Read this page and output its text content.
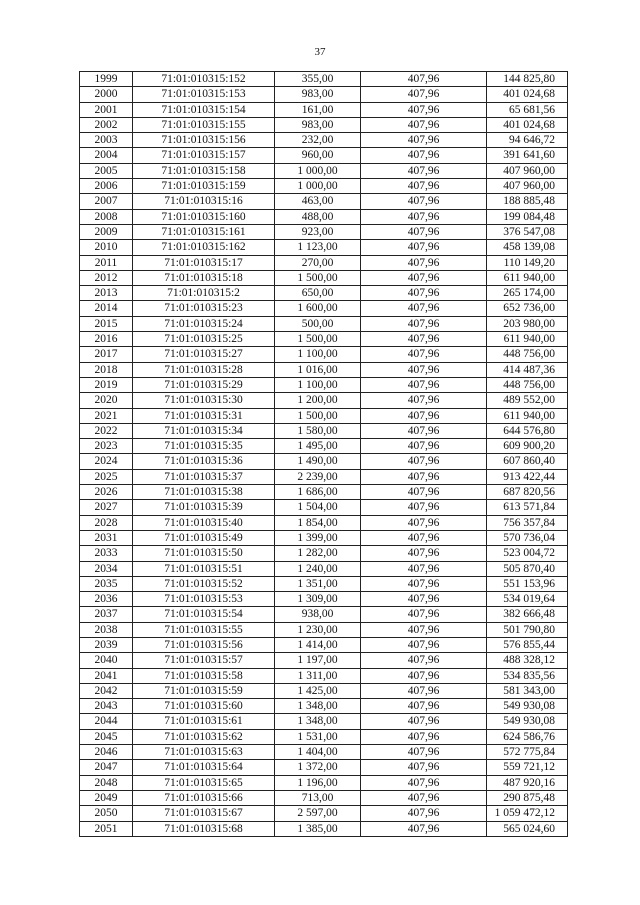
37
1999	71:01:010315:152	355,00	407,96	144 825,80
2000	71:01:010315:153	983,00	407,96	401 024,68
2001	71:01:010315:154	161,00	407,96	65 681,56
2002	71:01:010315:155	983,00	407,96	401 024,68
2003	71:01:010315:156	232,00	407,96	94 646,72
2004	71:01:010315:157	960,00	407,96	391 641,60
2005	71:01:010315:158	1 000,00	407,96	407 960,00
2006	71:01:010315:159	1 000,00	407,96	407 960,00
2007	71:01:010315:16	463,00	407,96	188 885,48
2008	71:01:010315:160	488,00	407,96	199 084,48
2009	71:01:010315:161	923,00	407,96	376 547,08
2010	71:01:010315:162	1 123,00	407,96	458 139,08
2011	71:01:010315:17	270,00	407,96	110 149,20
2012	71:01:010315:18	1 500,00	407,96	611 940,00
2013	71:01:010315:2	650,00	407,96	265 174,00
2014	71:01:010315:23	1 600,00	407,96	652 736,00
2015	71:01:010315:24	500,00	407,96	203 980,00
2016	71:01:010315:25	1 500,00	407,96	611 940,00
2017	71:01:010315:27	1 100,00	407,96	448 756,00
2018	71:01:010315:28	1 016,00	407,96	414 487,36
2019	71:01:010315:29	1 100,00	407,96	448 756,00
2020	71:01:010315:30	1 200,00	407,96	489 552,00
2021	71:01:010315:31	1 500,00	407,96	611 940,00
2022	71:01:010315:34	1 580,00	407,96	644 576,80
2023	71:01:010315:35	1 495,00	407,96	609 900,20
2024	71:01:010315:36	1 490,00	407,96	607 860,40
2025	71:01:010315:37	2 239,00	407,96	913 422,44
2026	71:01:010315:38	1 686,00	407,96	687 820,56
2027	71:01:010315:39	1 504,00	407,96	613 571,84
2028	71:01:010315:40	1 854,00	407,96	756 357,84
2031	71:01:010315:49	1 399,00	407,96	570 736,04
2033	71:01:010315:50	1 282,00	407,96	523 004,72
2034	71:01:010315:51	1 240,00	407,96	505 870,40
2035	71:01:010315:52	1 351,00	407,96	551 153,96
2036	71:01:010315:53	1 309,00	407,96	534 019,64
2037	71:01:010315:54	938,00	407,96	382 666,48
2038	71:01:010315:55	1 230,00	407,96	501 790,80
2039	71:01:010315:56	1 414,00	407,96	576 855,44
2040	71:01:010315:57	1 197,00	407,96	488 328,12
2041	71:01:010315:58	1 311,00	407,96	534 835,56
2042	71:01:010315:59	1 425,00	407,96	581 343,00
2043	71:01:010315:60	1 348,00	407,96	549 930,08
2044	71:01:010315:61	1 348,00	407,96	549 930,08
2045	71:01:010315:62	1 531,00	407,96	624 586,76
2046	71:01:010315:63	1 404,00	407,96	572 775,84
2047	71:01:010315:64	1 372,00	407,96	559 721,12
2048	71:01:010315:65	1 196,00	407,96	487 920,16
2049	71:01:010315:66	713,00	407,96	290 875,48
2050	71:01:010315:67	2 597,00	407,96	1 059 472,12
2051	71:01:010315:68	1 385,00	407,96	565 024,60
